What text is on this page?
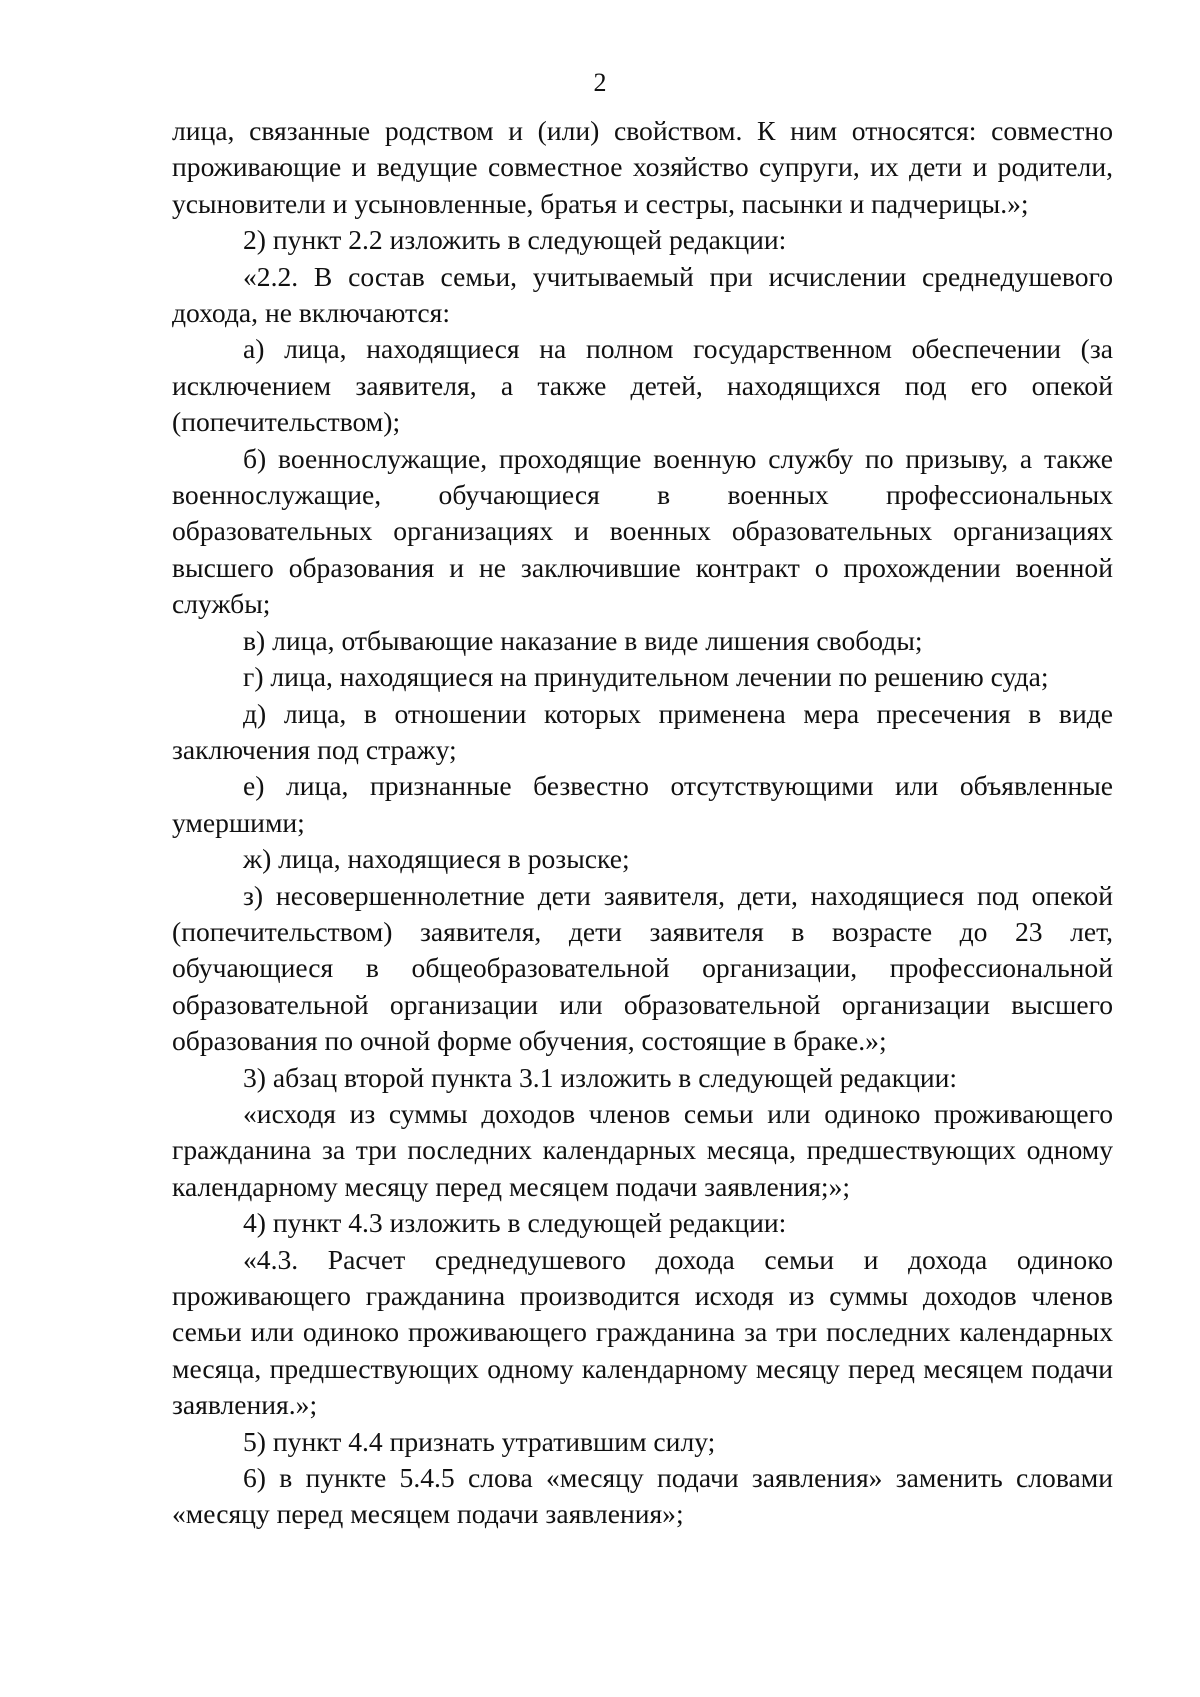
2

лица, связанные родством и (или) свойством. К ним относятся: совместно проживающие и ведущие совместное хозяйство супруги, их дети и родители, усыновители и усыновленные, братья и сестры, пасынки и падчерицы.»;

2) пункт 2.2 изложить в следующей редакции:

«2.2. В состав семьи, учитываемый при исчислении среднедушевого дохода, не включаются:

а) лица, находящиеся на полном государственном обеспечении (за исключением заявителя, а также детей, находящихся под его опекой (попечительством);

б) военнослужащие, проходящие военную службу по призыву, а также военнослужащие, обучающиеся в военных профессиональных образовательных организациях и военных образовательных организациях высшего образования и не заключившие контракт о прохождении военной службы;

в) лица, отбывающие наказание в виде лишения свободы;

г) лица, находящиеся на принудительном лечении по решению суда;

д) лица, в отношении которых применена мера пресечения в виде заключения под стражу;

е) лица, признанные безвестно отсутствующими или объявленные умершими;

ж) лица, находящиеся в розыске;

з) несовершеннолетние дети заявителя, дети, находящиеся под опекой (попечительством) заявителя, дети заявителя в возрасте до 23 лет, обучающиеся в общеобразовательной организации, профессиональной образовательной организации или образовательной организации высшего образования по очной форме обучения, состоящие в браке.»;

3) абзац второй пункта 3.1 изложить в следующей редакции:

«исходя из суммы доходов членов семьи или одиноко проживающего гражданина за три последних календарных месяца, предшествующих одному календарному месяцу перед месяцем подачи заявления;»;

4) пункт 4.3 изложить в следующей редакции:

«4.3. Расчет среднедушевого дохода семьи и дохода одиноко проживающего гражданина производится исходя из суммы доходов членов семьи или одиноко проживающего гражданина за три последних календарных месяца, предшествующих одному календарному месяцу перед месяцем подачи заявления.»;

5) пункт 4.4 признать утратившим силу;

6) в пункте 5.4.5 слова «месяцу подачи заявления» заменить словами «месяцу перед месяцем подачи заявления»;
